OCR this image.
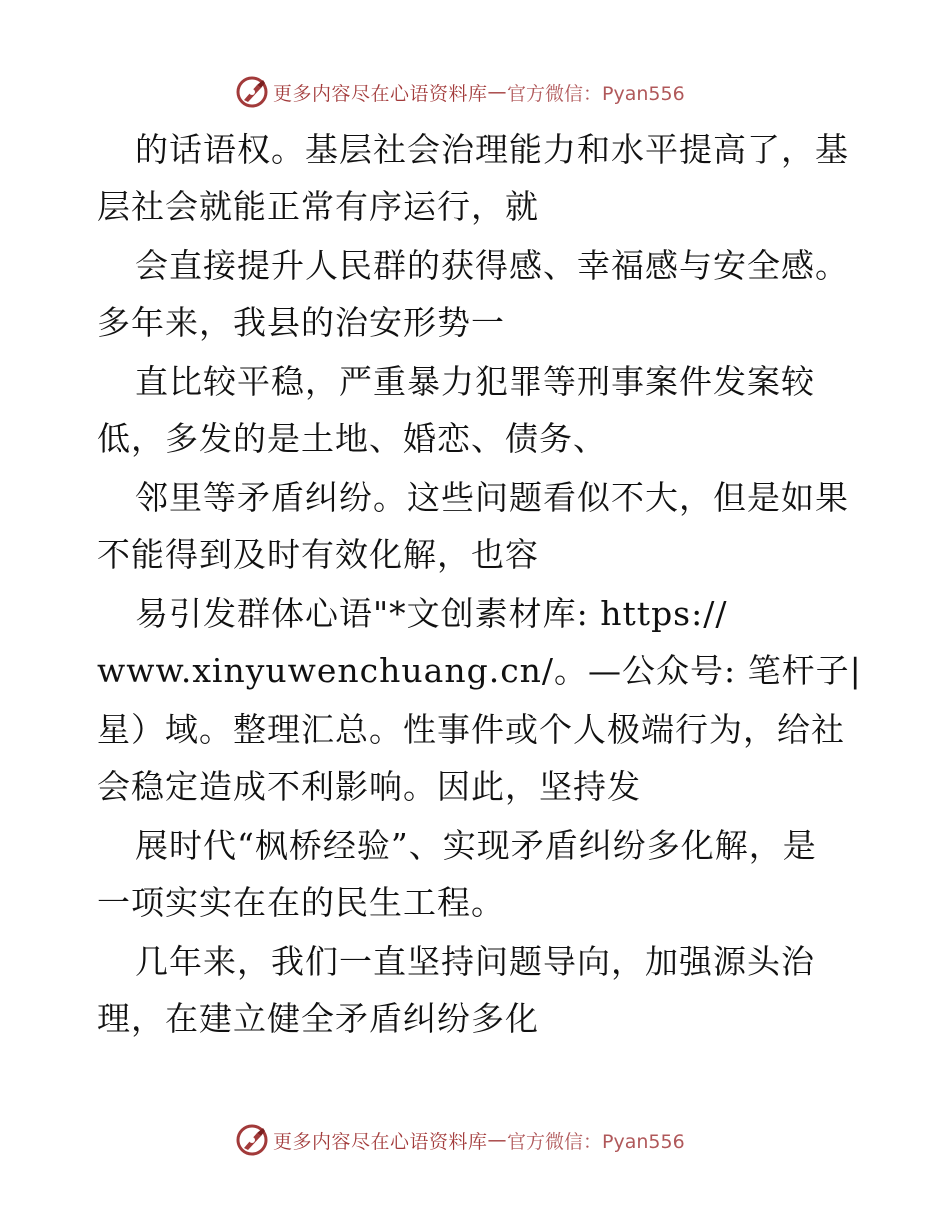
更多内容尽在心语资料库 — 官方微信：Pyan556
的话语权。基层社会治理能力和水平提高了，基
层社会就能正常有序运行，就
会直接提升人民群的获得感、幸福感与安全感。
多年来，我县的治安形势一
直比较平稳，严重暴力犯罪等刑事案件发案较
低，多发的是土地、婚恋、债务、
邻里等矛盾纠纷。这些问题看似不大，但是如果
不能得到及时有效化解，也容
易引发群体心语"*文创素材库: https://
www.xinyuwenchuang.cn/。—公众号: 笔杆子|
星）域。整理汇总。性事件或个人极端行为，给社
会稳定造成不利影响。因此，坚持发
展时代“枫桥经验”、实现矛盾纠纷多化解，是
一项实实在在的民生工程。
几年来，我们一直坚持问题导向，加强源头治
理，在建立健全矛盾纠纷多化
更多内容尽在心语资料库 — 官方微信：Pyan556
